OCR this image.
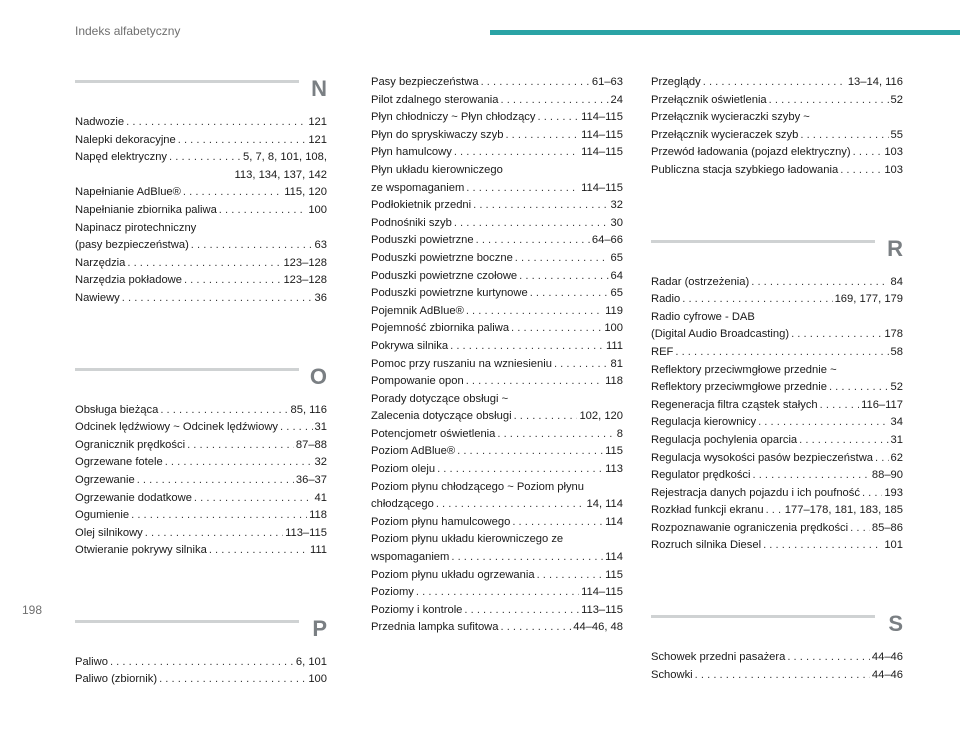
Indeks alfabetyczny
N
Nadwozie . . .	121
Nalepki dekoracyjne . . .	121
Napęd elektryczny . . .	5, 7, 8, 101, 108,
113, 134, 137, 142
Napełnianie AdBlue® . . .	115, 120
Napełnianie zbiornika paliwa . . .	100
Napinacz pirotechniczny
(pasy bezpieczeństwa) . . .	63
Narzędzia . . .	123–128
Narzędzia pokładowe . . .	123–128
Nawiewy . . .	36
O
Obsługa bieżąca . . .	85, 116
Odcinek lędźwiowy ~ Odcinek lędźwiowy . . .	31
Ogranicznik prędkości . . .	87–88
Ogrzewane fotele . . .	32
Ogrzewanie . . .	36–37
Ogrzewanie dodatkowe . . .	41
Ogumienie . . .	118
Olej silnikowy . . .	113–115
Otwieranie pokrywy silnika . . .	111
P
Paliwo . . .	6, 101
Paliwo (zbiornik) . . .	100
Pasy bezpieczeństwa . . .	61–63
Pilot zdalnego sterowania . . .	24
Płyn chłodniczy ~ Płyn chłodzący . . .	114–115
Płyn do spryskiwaczy szyb . . .	114–115
Płyn hamulcowy . . .	114–115
Płyn układu kierowniczego
ze wspomaganiem . . .	114–115
Podłokietnik przedni . . .	32
Podnośniki szyb . . .	30
Poduszki powietrzne . . .	64–66
Poduszki powietrzne boczne . . .	65
Poduszki powietrzne czołowe . . .	64
Poduszki powietrzne kurtynowe . . .	65
Pojemnik AdBlue® . . .	119
Pojemność zbiornika paliwa . . .	100
Pokrywa silnika . . .	111
Pomoc przy ruszaniu na wzniesieniu . . .	81
Pompowanie opon . . .	118
Porady dotyczące obsługi ~
Zalecenia dotyczące obsługi . . .	102, 120
Potencjometr oświetlenia . . .	8
Poziom AdBlue® . . .	115
Poziom oleju . . .	113
Poziom płynu chłodzącego ~ Poziom płynu
chłodzącego . . .	14, 114
Poziom płynu hamulcowego . . .	114
Poziom płynu układu kierowniczego ze
wspomaganiem . . .	114
Poziom płynu układu ogrzewania . . .	115
Poziomy . . .	114–115
Poziomy i kontrole . . .	113–115
Przednia lampka sufitowa . . .	44–46, 48
Przeglądy . . .	13–14, 116
Przełącznik oświetlenia . . .	52
Przełącznik wycieraczki szyby ~
Przełącznik wycieraczek szyb . . .	55
Przewód ładowania (pojazd elektryczny) . . .	103
Publiczna stacja szybkiego ładowania . . .	103
R
Radar (ostrzeżenia) . . .	84
Radio . . .	169, 177, 179
Radio cyfrowe - DAB
(Digital Audio Broadcasting) . . .	178
REF . . .	58
Reflektory przeciwmgłowe przednie ~
Reflektory przeciwmgłowe przednie . . .	52
Regeneracja filtra cząstek stałych . . .	116–117
Regulacja kierownicy . . .	34
Regulacja pochylenia oparcia . . .	31
Regulacja wysokości pasów bezpieczeństwa . . . 62
Regulator prędkości . . .	88–90
Rejestracja danych pojazdu i ich poufność . . . 193
Rozkład funkcji ekranu . . . 177–178, 181, 183, 185
Rozpoznawanie ograniczenia prędkości . . . 85–86
Rozruch silnika Diesel . . .	101
S
Schowek przedni pasażera . . .	44–46
Schowki . . .	44–46
198
